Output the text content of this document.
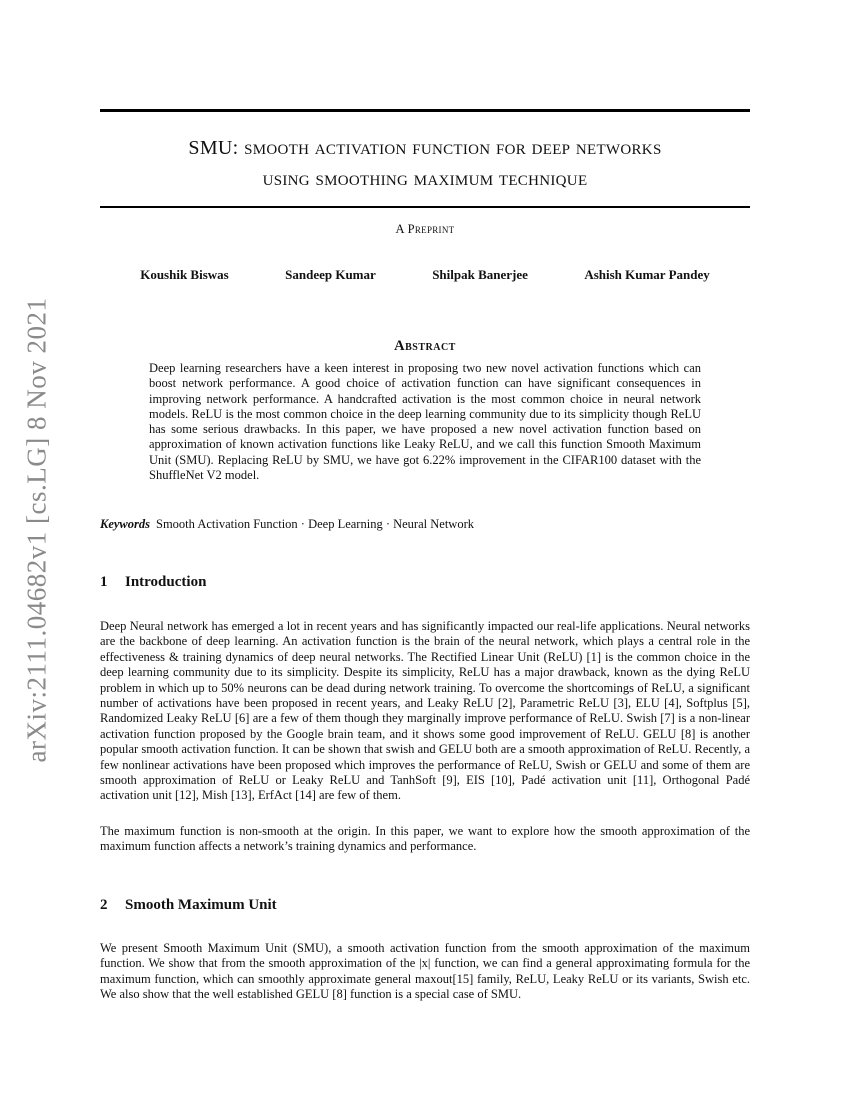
arXiv:2111.04682v1 [cs.LG] 8 Nov 2021
SMU: smooth activation function for deep networks
using smoothing maximum technique
A Preprint
Koushik Biswas	Sandeep Kumar	Shilpak Banerjee	Ashish Kumar Pandey
Abstract
Deep learning researchers have a keen interest in proposing two new novel activation functions which can boost network performance. A good choice of activation function can have significant consequences in improving network performance. A handcrafted activation is the most common choice in neural network models. ReLU is the most common choice in the deep learning community due to its simplicity though ReLU has some serious drawbacks. In this paper, we have proposed a new novel activation function based on approximation of known activation functions like Leaky ReLU, and we call this function Smooth Maximum Unit (SMU). Replacing ReLU by SMU, we have got 6.22% improvement in the CIFAR100 dataset with the ShuffleNet V2 model.
Keywords Smooth Activation Function · Deep Learning · Neural Network
1 Introduction
Deep Neural network has emerged a lot in recent years and has significantly impacted our real-life applications. Neural networks are the backbone of deep learning. An activation function is the brain of the neural network, which plays a central role in the effectiveness & training dynamics of deep neural networks. The Rectified Linear Unit (ReLU) [1] is the common choice in the deep learning community due to its simplicity. Despite its simplicity, ReLU has a major drawback, known as the dying ReLU problem in which up to 50% neurons can be dead during network training. To overcome the shortcomings of ReLU, a significant number of activations have been proposed in recent years, and Leaky ReLU [2], Parametric ReLU [3], ELU [4], Softplus [5], Randomized Leaky ReLU [6] are a few of them though they marginally improve performance of ReLU. Swish [7] is a non-linear activation function proposed by the Google brain team, and it shows some good improvement of ReLU. GELU [8] is another popular smooth activation function. It can be shown that swish and GELU both are a smooth approximation of ReLU. Recently, a few nonlinear activations have been proposed which improves the performance of ReLU, Swish or GELU and some of them are smooth approximation of ReLU or Leaky ReLU and TanhSoft [9], EIS [10], Padé activation unit [11], Orthogonal Padé activation unit [12], Mish [13], ErfAct [14] are few of them.
The maximum function is non-smooth at the origin. In this paper, we want to explore how the smooth approximation of the maximum function affects a network’s training dynamics and performance.
2 Smooth Maximum Unit
We present Smooth Maximum Unit (SMU), a smooth activation function from the smooth approximation of the maximum function. We show that from the smooth approximation of the |x| function, we can find a general approximating formula for the maximum function, which can smoothly approximate general maxout[15] family, ReLU, Leaky ReLU or its variants, Swish etc. We also show that the well established GELU [8] function is a special case of SMU.
